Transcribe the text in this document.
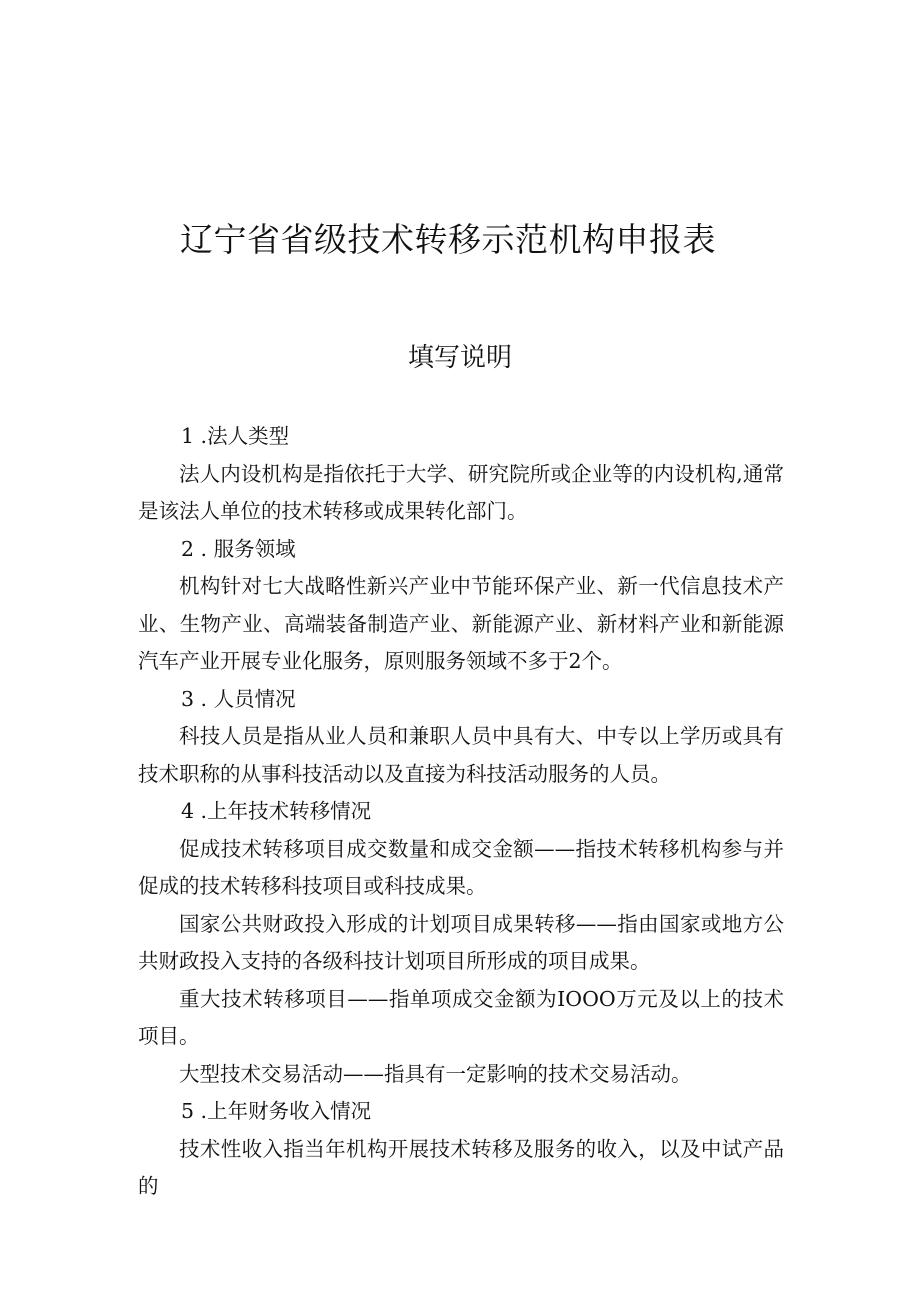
辽宁省省级技术转移示范机构申报表
填写说明

1 .法人类型

法人内设机构是指依托于大学、研究院所或企业等的内设机构,通常是该法人单位的技术转移或成果转化部门。

2 . 服务领域

机构针对七大战略性新兴产业中节能环保产业、新一代信息技术产业、生物产业、高端装备制造产业、新能源产业、新材料产业和新能源汽车产业开展专业化服务，原则服务领域不多于2个。

3 . 人员情况

科技人员是指从业人员和兼职人员中具有大、中专以上学历或具有技术职称的从事科技活动以及直接为科技活动服务的人员。

4 .上年技术转移情况

促成技术转移项目成交数量和成交金额——指技术转移机构参与并促成的技术转移科技项目或科技成果。

国家公共财政投入形成的计划项目成果转移——指由国家或地方公共财政投入支持的各级科技计划项目所形成的项目成果。

重大技术转移项目——指单项成交金额为IOOO万元及以上的技术项目。

大型技术交易活动——指具有一定影响的技术交易活动。

5 .上年财务收入情况

技术性收入指当年机构开展技术转移及服务的收入，以及中试产品的
